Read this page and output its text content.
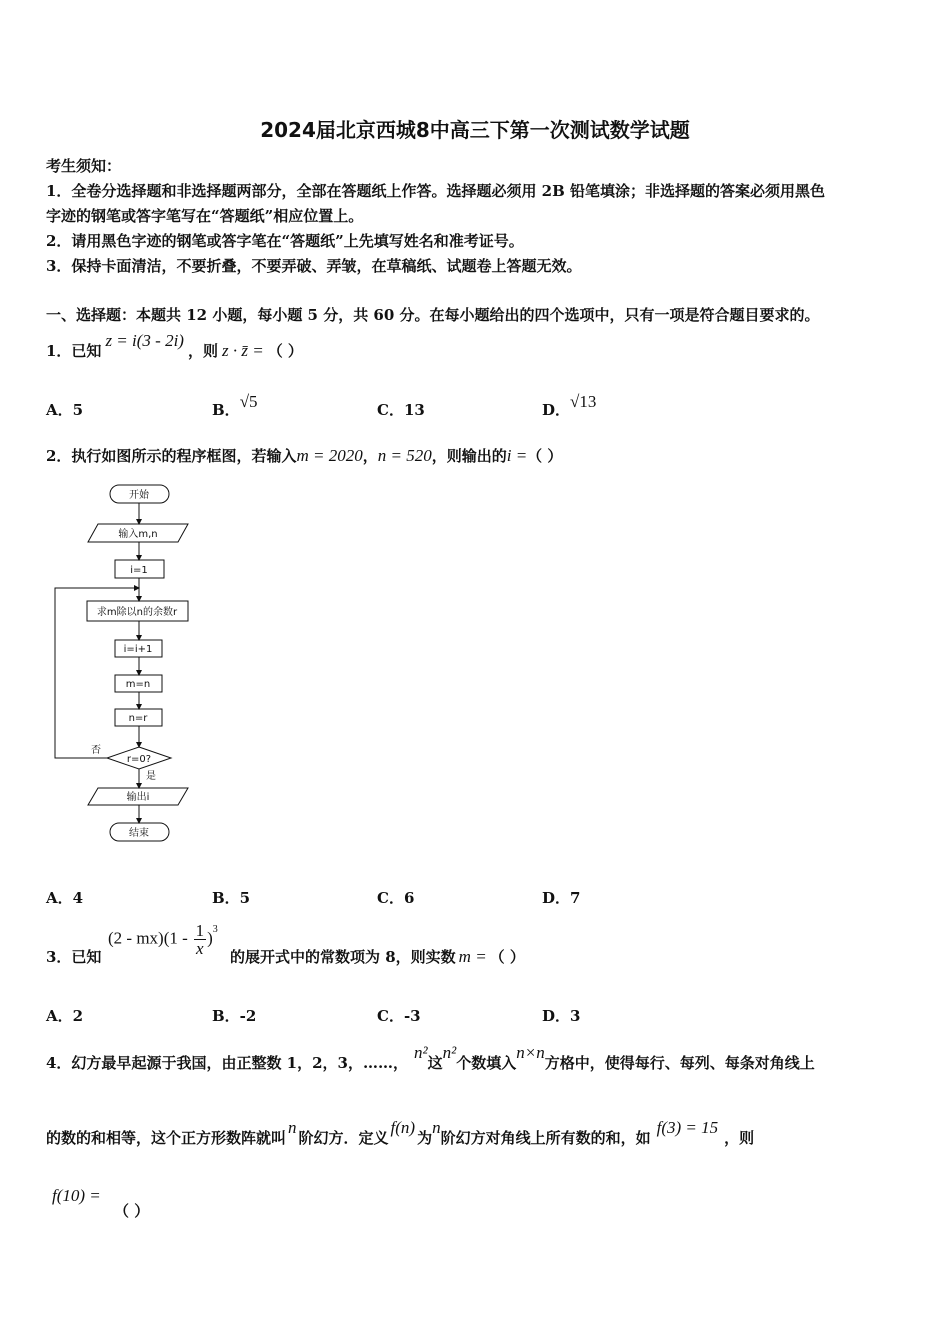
2024届北京西城8中高三下第一次测试数学试题
考生须知：
1．全卷分选择题和非选择题两部分，全部在答题纸上作答。选择题必须用 2B 铅笔填涂；非选择题的答案必须用黑色
字迹的钢笔或答字笔写在“答题纸”相应位置上。
2．请用黑色字迹的钢笔或答字笔在“答题纸”上先填写姓名和准考证号。
3．保持卡面清洁，不要折叠，不要弄破、弄皱，在草稿纸、试题卷上答题无效。
一、选择题：本题共 12 小题，每小题 5 分，共 60 分。在每小题给出的四个选项中，只有一项是符合题目要求的。
1．已知z = i(3 - 2i)，则 z · z̄ = （ ）
A．5	B．√5	C．13	D．√13
2．执行如图所示的程序框图，若输入m = 2020，n = 520，则输出的i =（ ）
开始
输入m,n
i=1
求m除以n的余数r
i=i+1
m=n
n=r
r=0?
否
是
输出i
结束
A．4	B．5	C．6	D．7
3．已知
$(2 - mx)(1 - \frac{1}{x} )^3$
的展开式中的常数项为 8，则实数 m = （ ）
A．2	B．-2	C．-3	D．3
4．幻方最早起源于我国，由正整数 1，2，3，……，n²这n²个数填入n×n方格中，使得每行、每列、每条对角线上
的数的和相等，这个正方形数阵就叫n阶幻方．定义f(n)为n阶幻方对角线上所有数的和，如f(3) = 15，则
f(10) =
（ ）
